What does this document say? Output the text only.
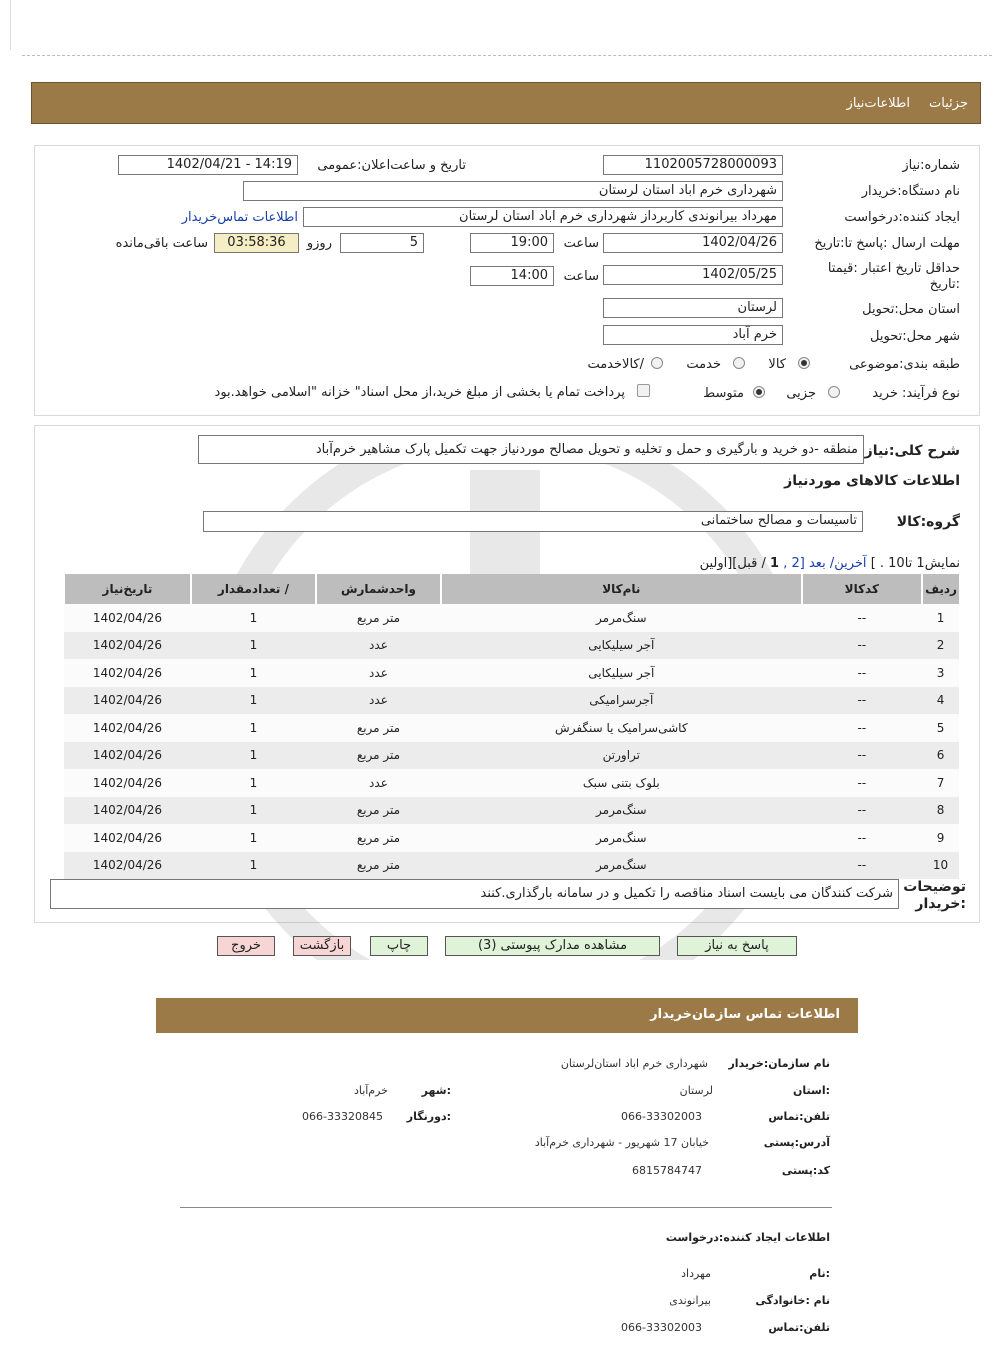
جزئیات
اطلاعات‌نیاز
شماره:نیاز
1102005728000093
تاریخ و ساعت‌اعلان:عمومی
1402/04/21 - 14:19
نام دستگاه:خریدار
شهرداری خرم اباد استان لرستان
ایجاد کننده:درخواست
مهرداد بیرانوندی کاربرداز شهرداری خرم اباد استان لرستان
اطلاعات تماس‌خریدار
مهلت ارسال :پاسخ تا:تاریخ
1402/04/26
ساعت
19:00
5
روزو
03:58:36
ساعت باقی‌مانده
حداقل تاریخ اعتبار :قیمتا
:تاریخ
1402/05/25
ساعت
14:00
استان محل:تحویل
لرستان
شهر محل:تحویل
خرم آباد
طبقه بندی:موضوعی
کالا
خدمت
/کالاخدمت
نوع فرآیند: خرید
جزیی
متوسط
پرداخت تمام یا بخشی از مبلغ خرید،از محل اسناد" خزانه "اسلامی خواهد.بود
شرح کلی:نیاز
منطقه -دو خرید و بارگیری و حمل و تخلیه و تحویل مصالح موردنیاز جهت تکمیل پارک مشاهیر خرم‌آباد
اطلاعات کالاهای موردنیاز
گروه:کالا
تاسیسات و مصالح ساختمانی
نمایش1 تا10 . ] آخرین/ بعد [2 , 1 / قبل][اولین
ردیف	کدکالا	نام‌کالا	واحدشمارش	/ تعدادمقدار	تاریخ‌نیاز
1	--	سنگ‌مرمر	متر مربع	1	1402/04/26
2	--	آجر سیلیکایی	عدد	1	1402/04/26
3	--	آجر سیلیکایی	عدد	1	1402/04/26
4	--	آجرسرامیکی	عدد	1	1402/04/26
5	--	کاشی‌سرامیک یا سنگفرش	متر مربع	1	1402/04/26
6	--	تراورتن	متر مربع	1	1402/04/26
7	--	بلوک بتنی سبک	عدد	1	1402/04/26
8	--	سنگ‌مرمر	متر مربع	1	1402/04/26
9	--	سنگ‌مرمر	متر مربع	1	1402/04/26
10	--	سنگ‌مرمر	متر مربع	1	1402/04/26
توضیحات
:خریدار
شرکت کنندگان می بایست اسناد مناقصه را تکمیل و در سامانه بارگذاری.کنند
پاسخ به نیاز
مشاهده مدارک پیوستی (3)
چاپ
بازگشت
خروج
اطلاعات تماس سازمان‌خریدار
نام سازمان:خریدار
شهرداری خرم اباد استان‌لرستان
:استان
لرستان
:شهر
خرم‌آباد
تلفن:تماس
066-33302003
:دورنگار
066-33320845
آدرس:پستی
خیابان 17 شهریور - شهرداری خرم‌آباد
کد:پستی
6815784747
اطلاعات ایجاد کننده:درخواست
:نام
مهرداد
نام :خانوادگی
بیرانوندی
تلفن:تماس
066-33302003
